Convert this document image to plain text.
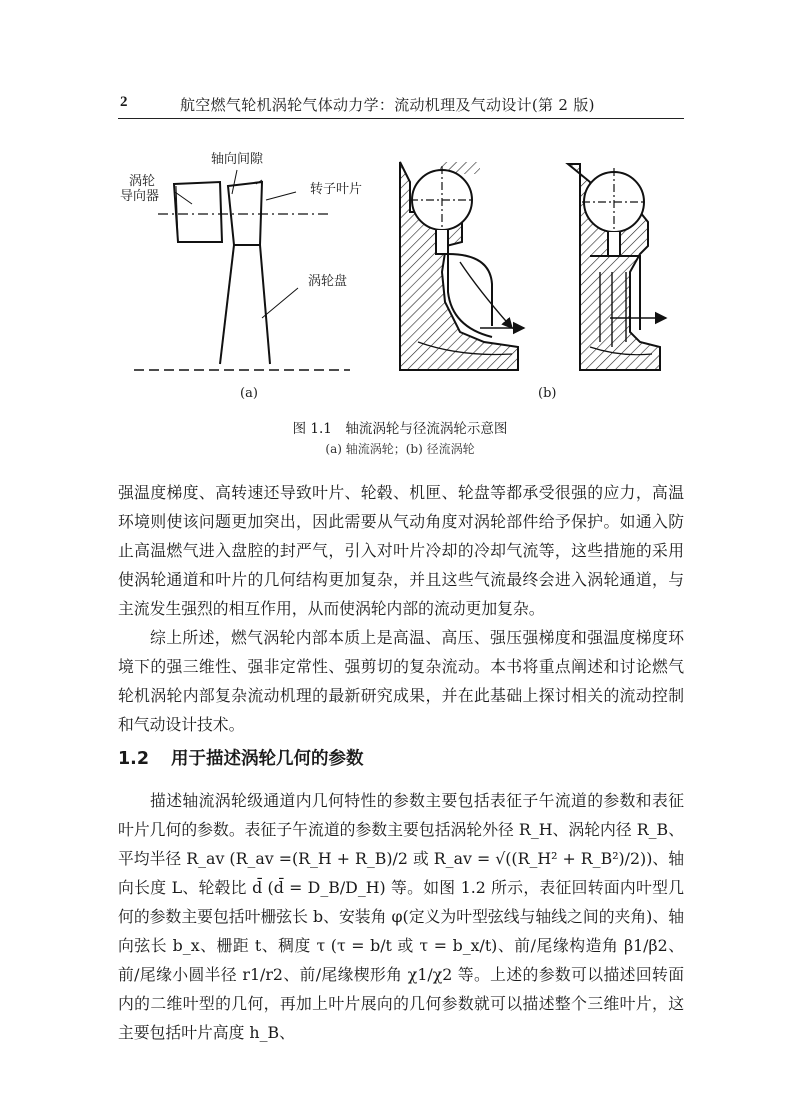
2	航空燃气轮机涡轮气体动力学：流动机理及气动设计(第 2 版)
轴向间隙
涡轮
导向器	转子叶片
涡轮盘
(a)	(b)
图 1.1　轴流涡轮与径流涡轮示意图
(a) 轴流涡轮；(b) 径流涡轮

强温度梯度、高转速还导致叶片、轮毂、机匣、轮盘等都承受很强的应力，高温环境则使该问题更加突出，因此需要从气动角度对涡轮部件给予保护。如通入防止高温燃气进入盘腔的封严气，引入对叶片冷却的冷却气流等，这些措施的采用使涡轮通道和叶片的几何结构更加复杂，并且这些气流最终会进入涡轮通道，与主流发生强烈的相互作用，从而使涡轮内部的流动更加复杂。

综上所述，燃气涡轮内部本质上是高温、高压、强压强梯度和强温度梯度环境下的强三维性、强非定常性、强剪切的复杂流动。本书将重点阐述和讨论燃气轮机涡轮内部复杂流动机理的最新研究成果，并在此基础上探讨相关的流动控制和气动设计技术。

1.2 用于描述涡轮几何的参数

描述轴流涡轮级通道内几何特性的参数主要包括表征子午流道的参数和表征叶片几何的参数。表征子午流道的参数主要包括涡轮外径 R_H、涡轮内径 R_B、平均半径 R_av (R_av =(R_H + R_B)/2 或 R_av = √((R_H² + R_B²)/2))、轴向长度 L、轮毂比 d̄ (d̄ = D_B/D_H) 等。如图 1.2 所示，表征回转面内叶型几何的参数主要包括叶栅弦长 b、安装角 φ(定义为叶型弦线与轴线之间的夹角)、轴向弦长 b_x、栅距 t、稠度 τ (τ = b/t 或 τ = b_x/t)、前/尾缘构造角 β1/β2、前/尾缘小圆半径 r1/r2、前/尾缘楔形角 χ1/χ2 等。上述的参数可以描述回转面内的二维叶型的几何，再加上叶片展向的几何参数就可以描述整个三维叶片，这主要包括叶片高度 h_B、
